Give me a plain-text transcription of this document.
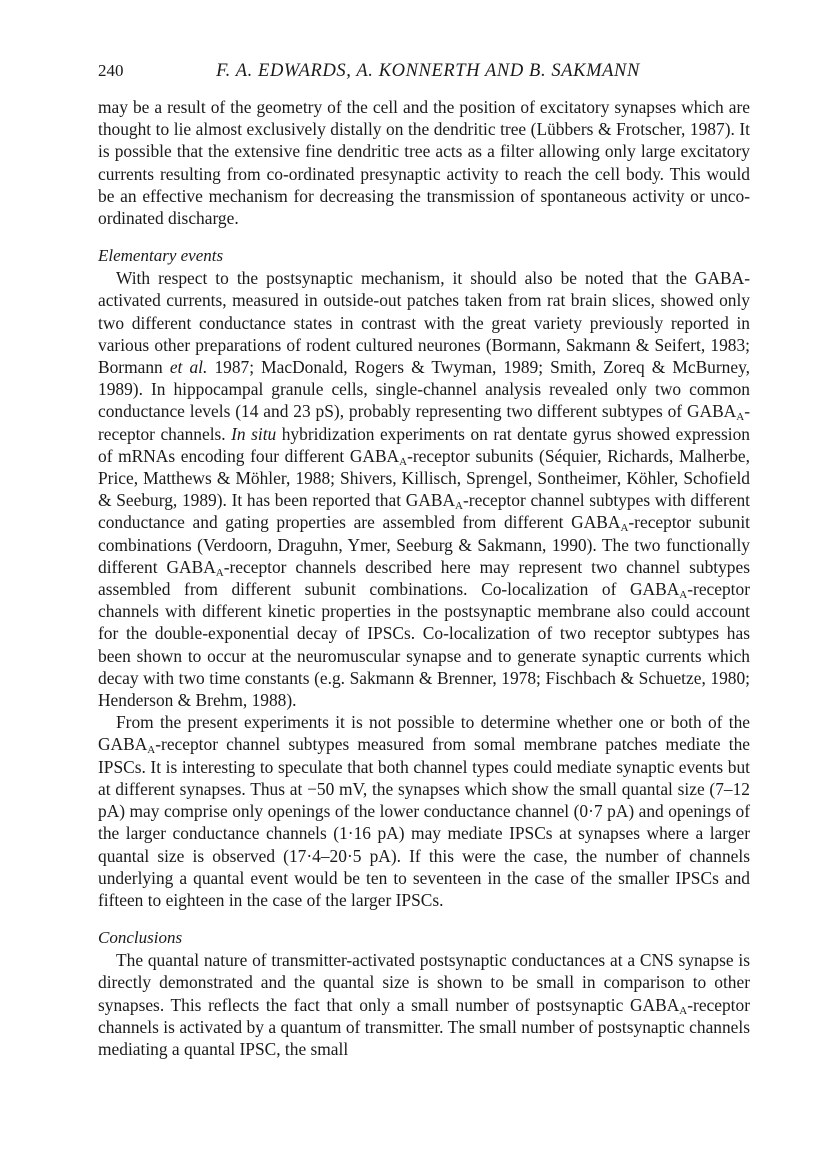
240	F. A. EDWARDS, A. KONNERTH AND B. SAKMANN

may be a result of the geometry of the cell and the position of excitatory synapses which are thought to lie almost exclusively distally on the dendritic tree (Lübbers & Frotscher, 1987). It is possible that the extensive fine dendritic tree acts as a filter allowing only large excitatory currents resulting from co-ordinated presynaptic activity to reach the cell body. This would be an effective mechanism for decreasing the transmission of spontaneous activity or unco-ordinated discharge.

Elementary events

With respect to the postsynaptic mechanism, it should also be noted that the GABA-activated currents, measured in outside-out patches taken from rat brain slices, showed only two different conductance states in contrast with the great variety previously reported in various other preparations of rodent cultured neurones (Bormann, Sakmann & Seifert, 1983; Bormann et al. 1987; MacDonald, Rogers & Twyman, 1989; Smith, Zoreq & McBurney, 1989). In hippocampal granule cells, single-channel analysis revealed only two common conductance levels (14 and 23 pS), probably representing two different subtypes of $GABA_A$-receptor channels. In situ hybridization experiments on rat dentate gyrus showed expression of mRNAs encoding four different $GABA_A$-receptor subunits (Séquier, Richards, Malherbe, Price, Matthews & Möhler, 1988; Shivers, Killisch, Sprengel, Sontheimer, Köhler, Schofield & Seeburg, 1989). It has been reported that $GABA_A$-receptor channel subtypes with different conductance and gating properties are assembled from different $GABA_A$-receptor subunit combinations (Verdoorn, Draguhn, Ymer, Seeburg & Sakmann, 1990). The two functionally different $GABA_A$-receptor channels described here may represent two channel subtypes assembled from different subunit combinations. Co-localization of $GABA_A$-receptor channels with different kinetic properties in the postsynaptic membrane also could account for the double-exponential decay of IPSCs. Co-localization of two receptor subtypes has been shown to occur at the neuromuscular synapse and to generate synaptic currents which decay with two time constants (e.g. Sakmann & Brenner, 1978; Fischbach & Schuetze, 1980; Henderson & Brehm, 1988).

From the present experiments it is not possible to determine whether one or both of the $GABA_A$-receptor channel subtypes measured from somal membrane patches mediate the IPSCs. It is interesting to speculate that both channel types could mediate synaptic events but at different synapses. Thus at −50 mV, the synapses which show the small quantal size (7–12 pA) may comprise only openings of the lower conductance channel (0·7 pA) and openings of the larger conductance channels (1·16 pA) may mediate IPSCs at synapses where a larger quantal size is observed (17·4–20·5 pA). If this were the case, the number of channels underlying a quantal event would be ten to seventeen in the case of the smaller IPSCs and fifteen to eighteen in the case of the larger IPSCs.

Conclusions

The quantal nature of transmitter-activated postsynaptic conductances at a CNS synapse is directly demonstrated and the quantal size is shown to be small in comparison to other synapses. This reflects the fact that only a small number of postsynaptic $GABA_A$-receptor channels is activated by a quantum of transmitter. The small number of postsynaptic channels mediating a quantal IPSC, the small
